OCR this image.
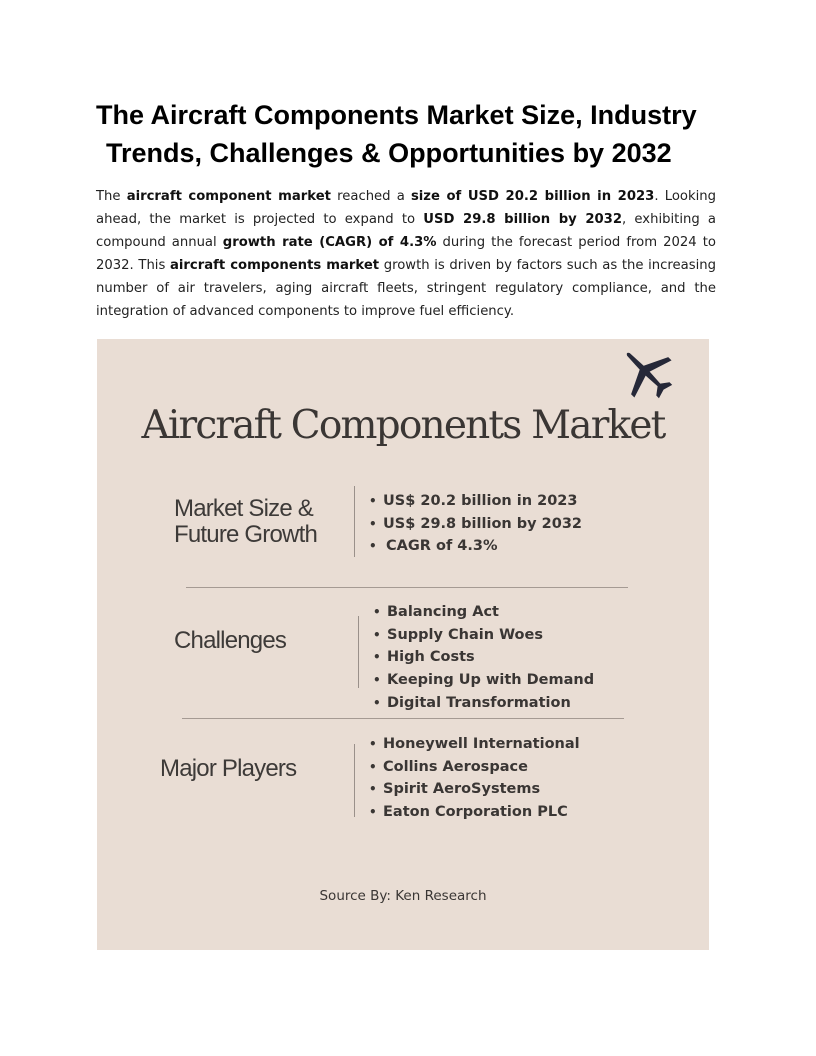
The Aircraft Components Market Size, Industry
Trends, Challenges & Opportunities by 2032

The aircraft component market reached a size of USD 20.2 billion in 2023. Looking ahead, the market is projected to expand to USD 29.8 billion by 2032, exhibiting a compound annual growth rate (CAGR) of 4.3% during the forecast period from 2024 to 2032. This aircraft components market growth is driven by factors such as the increasing number of air travelers, aging aircraft fleets, stringent regulatory compliance, and the integration of advanced components to improve fuel efficiency.

Aircraft Components Market
Market Size &
Future Growth
• US$ 20.2 billion in 2023
• US$ 29.8 billion by 2032
• CAGR of 4.3%
Challenges
• Balancing Act
• Supply Chain Woes
• High Costs
• Keeping Up with Demand
• Digital Transformation
Major Players
• Honeywell International
• Collins Aerospace
• Spirit AeroSystems
• Eaton Corporation PLC
Source By: Ken Research
